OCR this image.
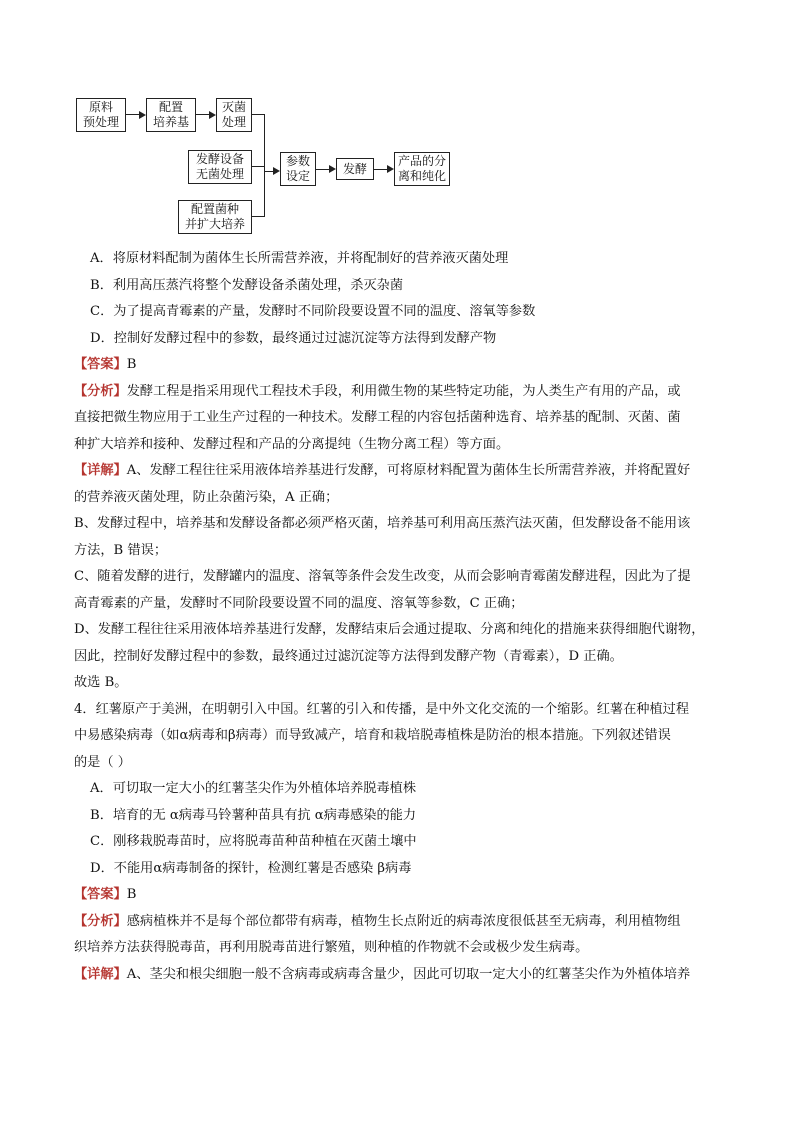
原料
预处理
配置
培养基
灭菌
处理
发酵设备
无菌处理
配置菌种
并扩大培养
参数
设定
发酵
产品的分
离和纯化

A．将原材料配制为菌体生长所需营养液，并将配制好的营养液灭菌处理

B．利用高压蒸汽将整个发酵设备杀菌处理，杀灭杂菌

C．为了提高青霉素的产量，发酵时不同阶段要设置不同的温度、溶氧等参数

D．控制好发酵过程中的参数，最终通过过滤沉淀等方法得到发酵产物

【答案】B

【分析】发酵工程是指采用现代工程技术手段，利用微生物的某些特定功能，为人类生产有用的产品，或

直接把微生物应用于工业生产过程的一种技术。发酵工程的内容包括菌种选育、培养基的配制、灭菌、菌

种扩大培养和接种、发酵过程和产品的分离提纯（生物分离工程）等方面。

【详解】A、发酵工程往往采用液体培养基进行发酵，可将原材料配置为菌体生长所需营养液，并将配置好

的营养液灭菌处理，防止杂菌污染，A 正确；

B、发酵过程中，培养基和发酵设备都必须严格灭菌，培养基可利用高压蒸汽法灭菌，但发酵设备不能用该

方法，B 错误；

C、随着发酵的进行，发酵罐内的温度、溶氧等条件会发生改变，从而会影响青霉菌发酵进程，因此为了提

高青霉素的产量，发酵时不同阶段要设置不同的温度、溶氧等参数，C 正确；

D、发酵工程往往采用液体培养基进行发酵，发酵结束后会通过提取、分离和纯化的措施来获得细胞代谢物，

因此，控制好发酵过程中的参数，最终通过过滤沉淀等方法得到发酵产物（青霉素），D 正确。

故选 B。

4．红薯原产于美洲，在明朝引入中国。红薯的引入和传播，是中外文化交流的一个缩影。红薯在种植过程

中易感染病毒（如α病毒和β病毒）而导致减产，培育和栽培脱毒植株是防治的根本措施。下列叙述错误

的是（ ）

A．可切取一定大小的红薯茎尖作为外植体培养脱毒植株

B．培育的无 α病毒马铃薯种苗具有抗 α病毒感染的能力

C．刚移栽脱毒苗时，应将脱毒苗种苗种植在灭菌土壤中

D．不能用α病毒制备的探针，检测红薯是否感染 β病毒

【答案】B

【分析】感病植株并不是每个部位都带有病毒，植物生长点附近的病毒浓度很低甚至无病毒，利用植物组

织培养方法获得脱毒苗，再利用脱毒苗进行繁殖，则种植的作物就不会或极少发生病毒。

【详解】A、茎尖和根尖细胞一般不含病毒或病毒含量少，因此可切取一定大小的红薯茎尖作为外植体培养
